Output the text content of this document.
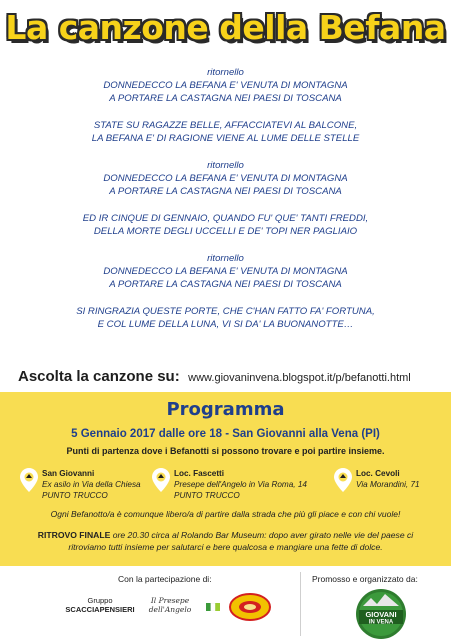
La canzone della Befana
ritornello
DONNEDECCO LA BEFANA E' VENUTA DI MONTAGNA
A PORTARE LA CASTAGNA NEI PAESI DI TOSCANA
STATE SU RAGAZZE BELLE, AFFACCIATEVI AL BALCONE,
LA BEFANA E' DI RAGIONE VIENE AL LUME DELLE STELLE
ritornello
DONNEDECCO LA BEFANA E' VENUTA DI MONTAGNA
A PORTARE LA CASTAGNA NEI PAESI DI TOSCANA
ED IR CINQUE DI GENNAIO, QUANDO FU' QUE' TANTI FREDDI,
DELLA MORTE DEGLI UCCELLI E DE' TOPI NER PAGLIAIO
ritornello
DONNEDECCO LA BEFANA E' VENUTA DI MONTAGNA
A PORTARE LA CASTAGNA NEI PAESI DI TOSCANA
SI RINGRAZIA QUESTE PORTE, CHE C'HAN FATTO FA' FORTUNA,
E COL LUME DELLA LUNA, VI SI DA' LA BUONANOTTE…
Ascolta la canzone su: www.giovaninvena.blogspot.it/p/befanotti.html
Programma
5 Gennaio 2017 dalle ore 18 - San Giovanni alla Vena (PI)
Punti di partenza dove i Befanotti si possono trovare e poi partire insieme.
San Giovanni
Ex asilo in Via della Chiesa
PUNTO TRUCCO
Loc. Fascetti
Presepe dell'Angelo in Via Roma, 14
PUNTO TRUCCO
Loc. Cevoli
Via Morandini, 71
Ogni Befanotto/a è comunque libero/a di partire dalla strada che più gli piace e con chi vuole!
RITROVO FINALE ore 20.30 circa al Rolando Bar Museum: dopo aver girato nelle vie del paese ci ritroviamo tutti insieme per salutarci e bere qualcosa e mangiare una fette di dolce.
Con la partecipazione di:	Promosso e organizzato da:
Gruppo
SCACCIAPENSIERI
Il Presepe
dell'Angelo
GIOVANI
IN VENA
